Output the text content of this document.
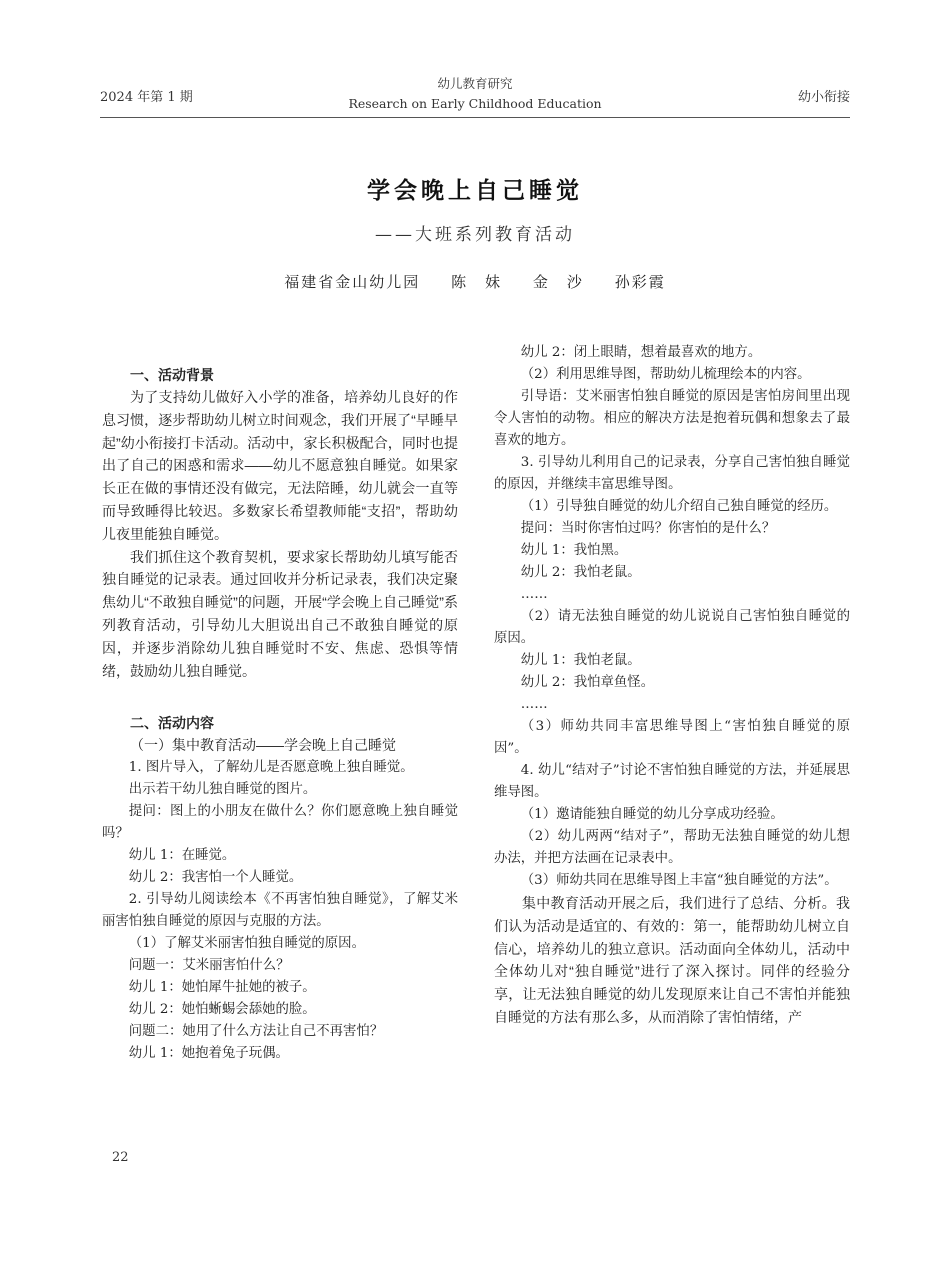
2024 年第 1 期
幼儿教育研究
Research on Early Childhood Education	幼小衔接
学会晚上自己睡觉
——大班系列教育活动
福建省金山幼儿园 陈　妹 金　沙 孙彩霞

一、活动背景

为了支持幼儿做好入小学的准备，培养幼儿良好的作息习惯，逐步帮助幼儿树立时间观念，我们开展了“早睡早起”幼小衔接打卡活动。活动中，家长积极配合，同时也提出了自己的困惑和需求——幼儿不愿意独自睡觉。如果家长正在做的事情还没有做完，无法陪睡，幼儿就会一直等而导致睡得比较迟。多数家长希望教师能“支招”，帮助幼儿夜里能独自睡觉。

我们抓住这个教育契机，要求家长帮助幼儿填写能否独自睡觉的记录表。通过回收并分析记录表，我们决定聚焦幼儿“不敢独自睡觉”的问题，开展“学会晚上自己睡觉”系列教育活动，引导幼儿大胆说出自己不敢独自睡觉的原因，并逐步消除幼儿独自睡觉时不安、焦虑、恐惧等情绪，鼓励幼儿独自睡觉。

二、活动内容

（一）集中教育活动——学会晚上自己睡觉

1. 图片导入，了解幼儿是否愿意晚上独自睡觉。

出示若干幼儿独自睡觉的图片。

提问：图上的小朋友在做什么？你们愿意晚上独自睡觉吗？

幼儿 1：在睡觉。

幼儿 2：我害怕一个人睡觉。

2. 引导幼儿阅读绘本《不再害怕独自睡觉》，了解艾米丽害怕独自睡觉的原因与克服的方法。

（1）了解艾米丽害怕独自睡觉的原因。

问题一：艾米丽害怕什么？

幼儿 1：她怕犀牛扯她的被子。

幼儿 2：她怕蜥蜴会舔她的脸。

问题二：她用了什么方法让自己不再害怕？

幼儿 1：她抱着兔子玩偶。

幼儿 2：闭上眼睛，想着最喜欢的地方。

（2）利用思维导图，帮助幼儿梳理绘本的内容。

引导语：艾米丽害怕独自睡觉的原因是害怕房间里出现令人害怕的动物。相应的解决方法是抱着玩偶和想象去了最喜欢的地方。

3. 引导幼儿利用自己的记录表，分享自己害怕独自睡觉的原因，并继续丰富思维导图。

（1）引导独自睡觉的幼儿介绍自己独自睡觉的经历。

提问：当时你害怕过吗？你害怕的是什么？

幼儿 1：我怕黑。

幼儿 2：我怕老鼠。

……

（2）请无法独自睡觉的幼儿说说自己害怕独自睡觉的原因。

幼儿 1：我怕老鼠。

幼儿 2：我怕章鱼怪。

……

（3）师幼共同丰富思维导图上“害怕独自睡觉的原因”。

4. 幼儿“结对子”讨论不害怕独自睡觉的方法，并延展思维导图。

（1）邀请能独自睡觉的幼儿分享成功经验。

（2）幼儿两两“结对子”，帮助无法独自睡觉的幼儿想办法，并把方法画在记录表中。

（3）师幼共同在思维导图上丰富“独自睡觉的方法”。

集中教育活动开展之后，我们进行了总结、分析。我们认为活动是适宜的、有效的：第一，能帮助幼儿树立自信心，培养幼儿的独立意识。活动面向全体幼儿，活动中全体幼儿对“独自睡觉”进行了深入探讨。同伴的经验分享，让无法独自睡觉的幼儿发现原来让自己不害怕并能独自睡觉的方法有那么多，从而消除了害怕情绪，产

22
